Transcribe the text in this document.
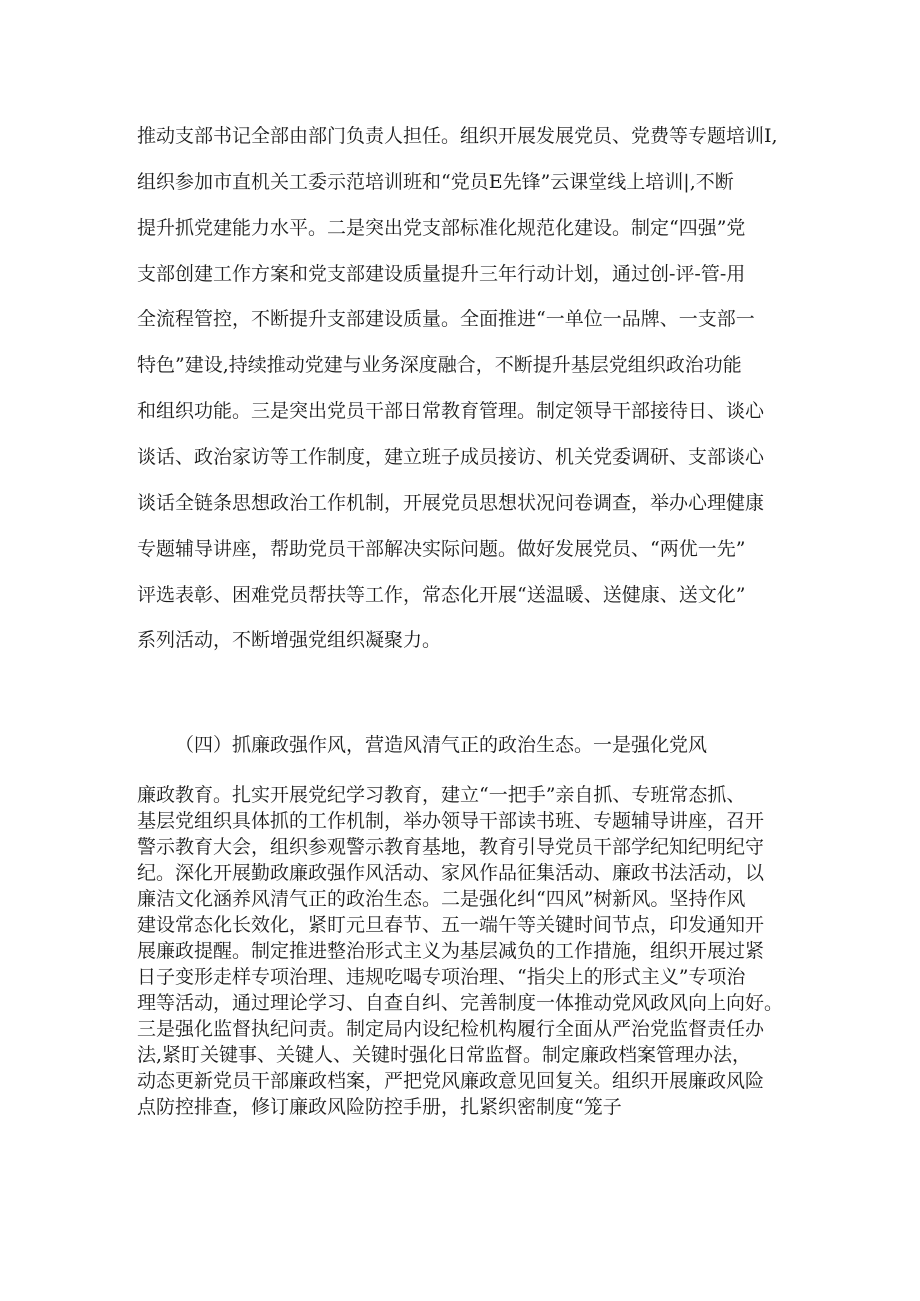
推动支部书记全部由部门负责人担任。组织开展发展党员、党费等专题培训I,
组织参加市直机关工委示范培训班和“党员E先锋”云课堂线上培训|,不断
提升抓党建能力水平。二是突出党支部标准化规范化建设。制定“四强”党
支部创建工作方案和党支部建设质量提升三年行动计划，通过创-评-管-用
全流程管控，不断提升支部建设质量。全面推进“一单位一品牌、一支部一
特色”建设,持续推动党建与业务深度融合，不断提升基层党组织政治功能
和组织功能。三是突出党员干部日常教育管理。制定领导干部接待日、谈心
谈话、政治家访等工作制度，建立班子成员接访、机关党委调研、支部谈心
谈话全链条思想政治工作机制，开展党员思想状况问卷调查，举办心理健康
专题辅导讲座，帮助党员干部解决实际问题。做好发展党员、“两优一先”
评选表彰、困难党员帮扶等工作，常态化开展“送温暖、送健康、送文化”
系列活动，不断增强党组织凝聚力。
（四）抓廉政强作风，营造风清气正的政治生态。一是强化党风
廉政教育。扎实开展党纪学习教育，建立“一把手”亲自抓、专班常态抓、
基层党组织具体抓的工作机制，举办领导干部读书班、专题辅导讲座，召开
警示教育大会，组织参观警示教育基地，教育引导党员干部学纪知纪明纪守
纪。深化开展勤政廉政强作风活动、家风作品征集活动、廉政书法活动，以
廉洁文化涵养风清气正的政治生态。二是强化纠“四风”树新风。坚持作风
建设常态化长效化，紧盯元旦春节、五一端午等关键时间节点，印发通知开
展廉政提醒。制定推进整治形式主义为基层减负的工作措施，组织开展过紧
日子变形走样专项治理、违规吃喝专项治理、“指尖上的形式主义”专项治
理等活动，通过理论学习、自查自纠、完善制度一体推动党风政风向上向好。
三是强化监督执纪问责。制定局内设纪检机构履行全面从严治党监督责任办
法,紧盯关键事、关键人、关键时强化日常监督。制定廉政档案管理办法，
动态更新党员干部廉政档案，严把党风廉政意见回复关。组织开展廉政风险
点防控排查，修订廉政风险防控手册，扎紧织密制度“笼子
